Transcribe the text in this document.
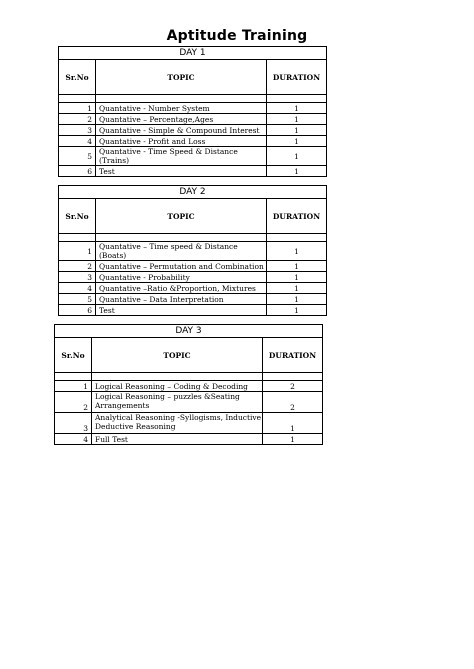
Aptitude Training
DAY 1		
Sr.No	TOPIC	DURATION

1	Quantative - Number System	1
2	Quantative – Percentage,Ages	1
3	Quantative - Simple & Compound Interest	1
4	Quantative - Profit and Loss	1
5	Quantative - Time Speed & Distance (Trains)	1
6	Test	1
DAY 2		
Sr.No	TOPIC	DURATION

1	Quantative – Time speed & Distance (Boats)	1
2	Quantative – Permutation and Combination	1
3	Quantative - Probability	1
4	Quantative –Ratio &Proportion, Mixtures	1
5	Quantative – Data Interpretation	1
6	Test	1
DAY 3		
Sr.No	TOPIC	DURATION

1	Logical Reasoning – Coding & Decoding	2
2	Logical Reasoning – puzzles &Seating Arrangements	2
3	Analytical Reasoning -Syllogisms, Inductive Deductive Reasoning	1
4	Full Test	1
